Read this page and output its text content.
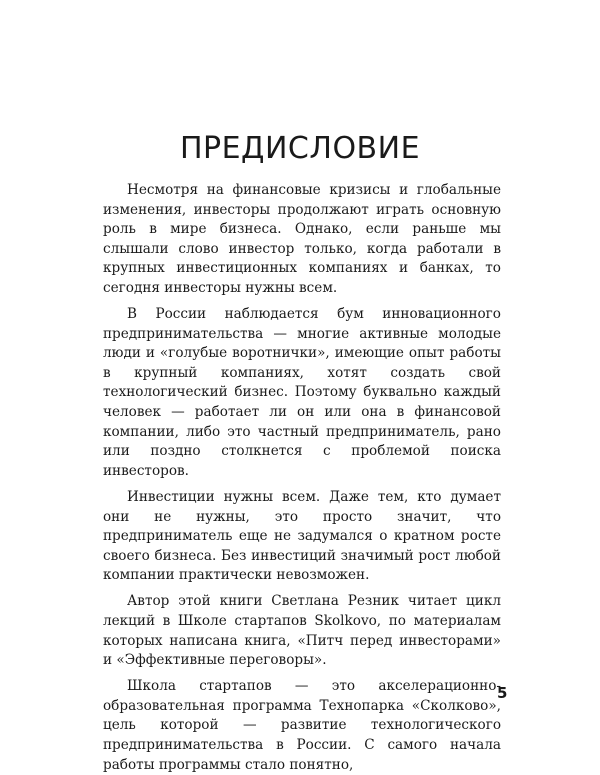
ПРЕДИСЛОВИЕ

Несмотря на финансовые кризисы и глобальные изменения, инвесторы продолжают играть основную роль в мире бизнеса. Однако, если раньше мы слышали слово инвестор только, когда работали в крупных инвестиционных компаниях и банках, то сегодня инвесторы нужны всем.

В России наблюдается бум инновационного предпринимательства — многие активные молодые люди и «голубые воротнички», имеющие опыт работы в крупный компаниях, хотят создать свой технологический бизнес. Поэтому буквально каждый человек — работает ли он или она в финансовой компании, либо это частный предприниматель, рано или поздно столкнется с проблемой поиска инвесторов.

Инвестиции нужны всем. Даже тем, кто думает они не нужны, это просто значит, что предприниматель еще не задумался о кратном росте своего бизнеса. Без инвестиций значимый рост любой компании практически невозможен.

Автор этой книги Светлана Резник читает цикл лекций в Школе стартапов Skolkovo, по материалам которых написана книга, «Питч перед инвесторами» и «Эффективные переговоры».

Школа стартапов — это акселерационно-образовательная программа Технопарка «Сколково», цель которой — развитие технологического предпринимательства в России. С самого начала работы программы стало понятно,

5
